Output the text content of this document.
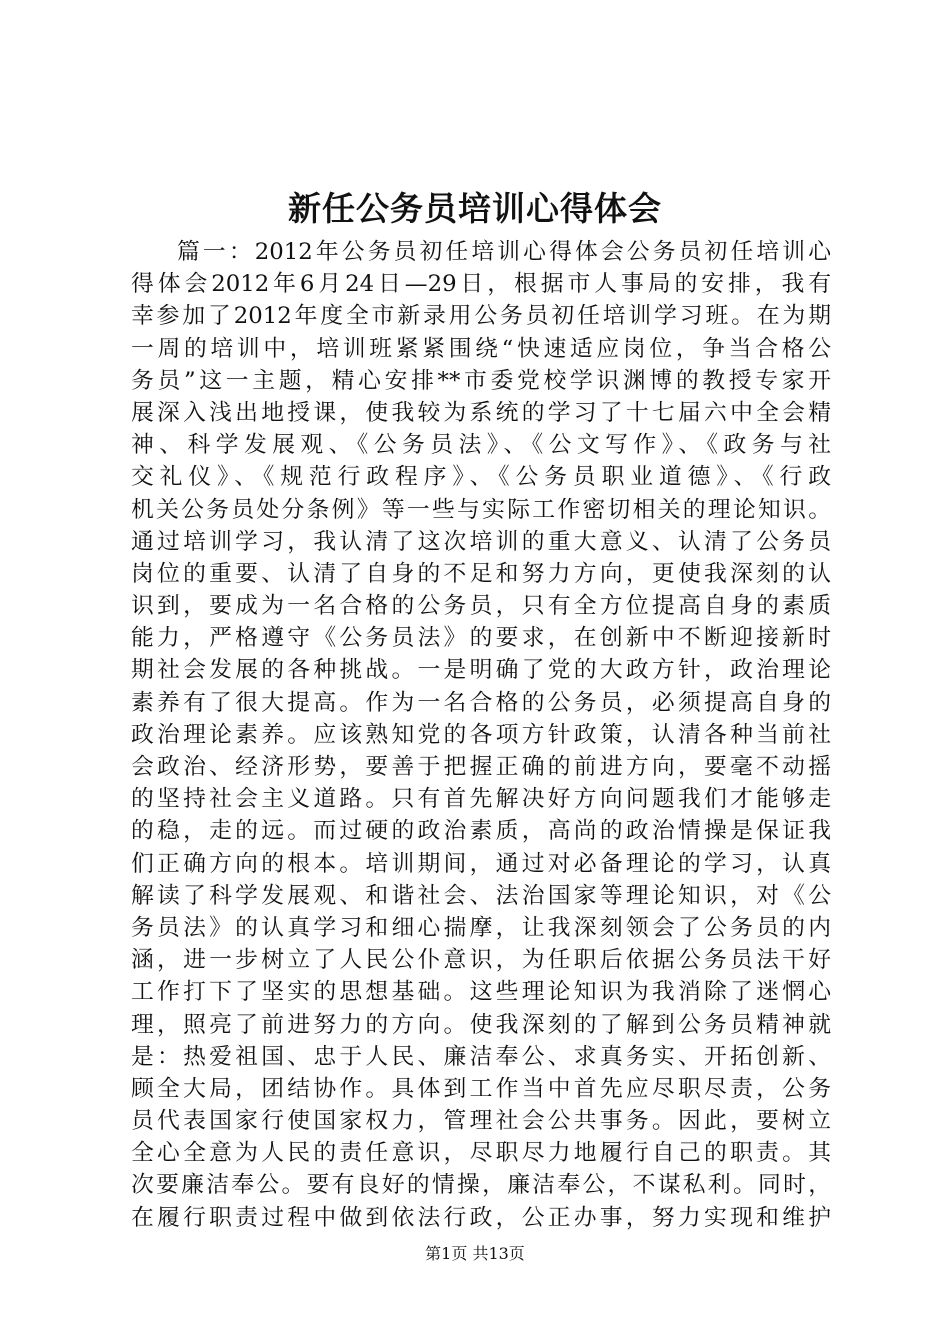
新任公务员培训心得体会
篇一：2012年公务员初任培训心得体会公务员初任培训心
得体会2012年6月24日—29日，根据市人事局的安排，我有
幸参加了2012年度全市新录用公务员初任培训学习班。在为期
一周的培训中，培训班紧紧围绕“快速适应岗位，争当合格公
务员”这一主题，精心安排**市委党校学识渊博的教授专家开
展深入浅出地授课，使我较为系统的学习了十七届六中全会精
神、科学发展观、《公务员法》、《公文写作》、《政务与社
交礼仪》、《规范行政程序》、《公务员职业道德》、《行政
机关公务员处分条例》等一些与实际工作密切相关的理论知识。
通过培训学习，我认清了这次培训的重大意义、认清了公务员
岗位的重要、认清了自身的不足和努力方向，更使我深刻的认
识到，要成为一名合格的公务员，只有全方位提高自身的素质
能力，严格遵守《公务员法》的要求，在创新中不断迎接新时
期社会发展的各种挑战。一是明确了党的大政方针，政治理论
素养有了很大提高。作为一名合格的公务员，必须提高自身的
政治理论素养。应该熟知党的各项方针政策，认清各种当前社
会政治、经济形势，要善于把握正确的前进方向，要毫不动摇
的坚持社会主义道路。只有首先解决好方向问题我们才能够走
的稳，走的远。而过硬的政治素质，高尚的政治情操是保证我
们正确方向的根本。培训期间，通过对必备理论的学习，认真
解读了科学发展观、和谐社会、法治国家等理论知识，对《公
务员法》的认真学习和细心揣摩，让我深刻领会了公务员的内
涵，进一步树立了人民公仆意识，为任职后依据公务员法干好
工作打下了坚实的思想基础。这些理论知识为我消除了迷惘心
理，照亮了前进努力的方向。使我深刻的了解到公务员精神就
是：热爱祖国、忠于人民、廉洁奉公、求真务实、开拓创新、
顾全大局，团结协作。具体到工作当中首先应尽职尽责，公务
员代表国家行使国家权力，管理社会公共事务。因此，要树立
全心全意为人民的责任意识，尽职尽力地履行自己的职责。其
次要廉洁奉公。要有良好的情操，廉洁奉公，不谋私利。同时，
在履行职责过程中做到依法行政，公正办事，努力实现和维护
第1页 共13页
